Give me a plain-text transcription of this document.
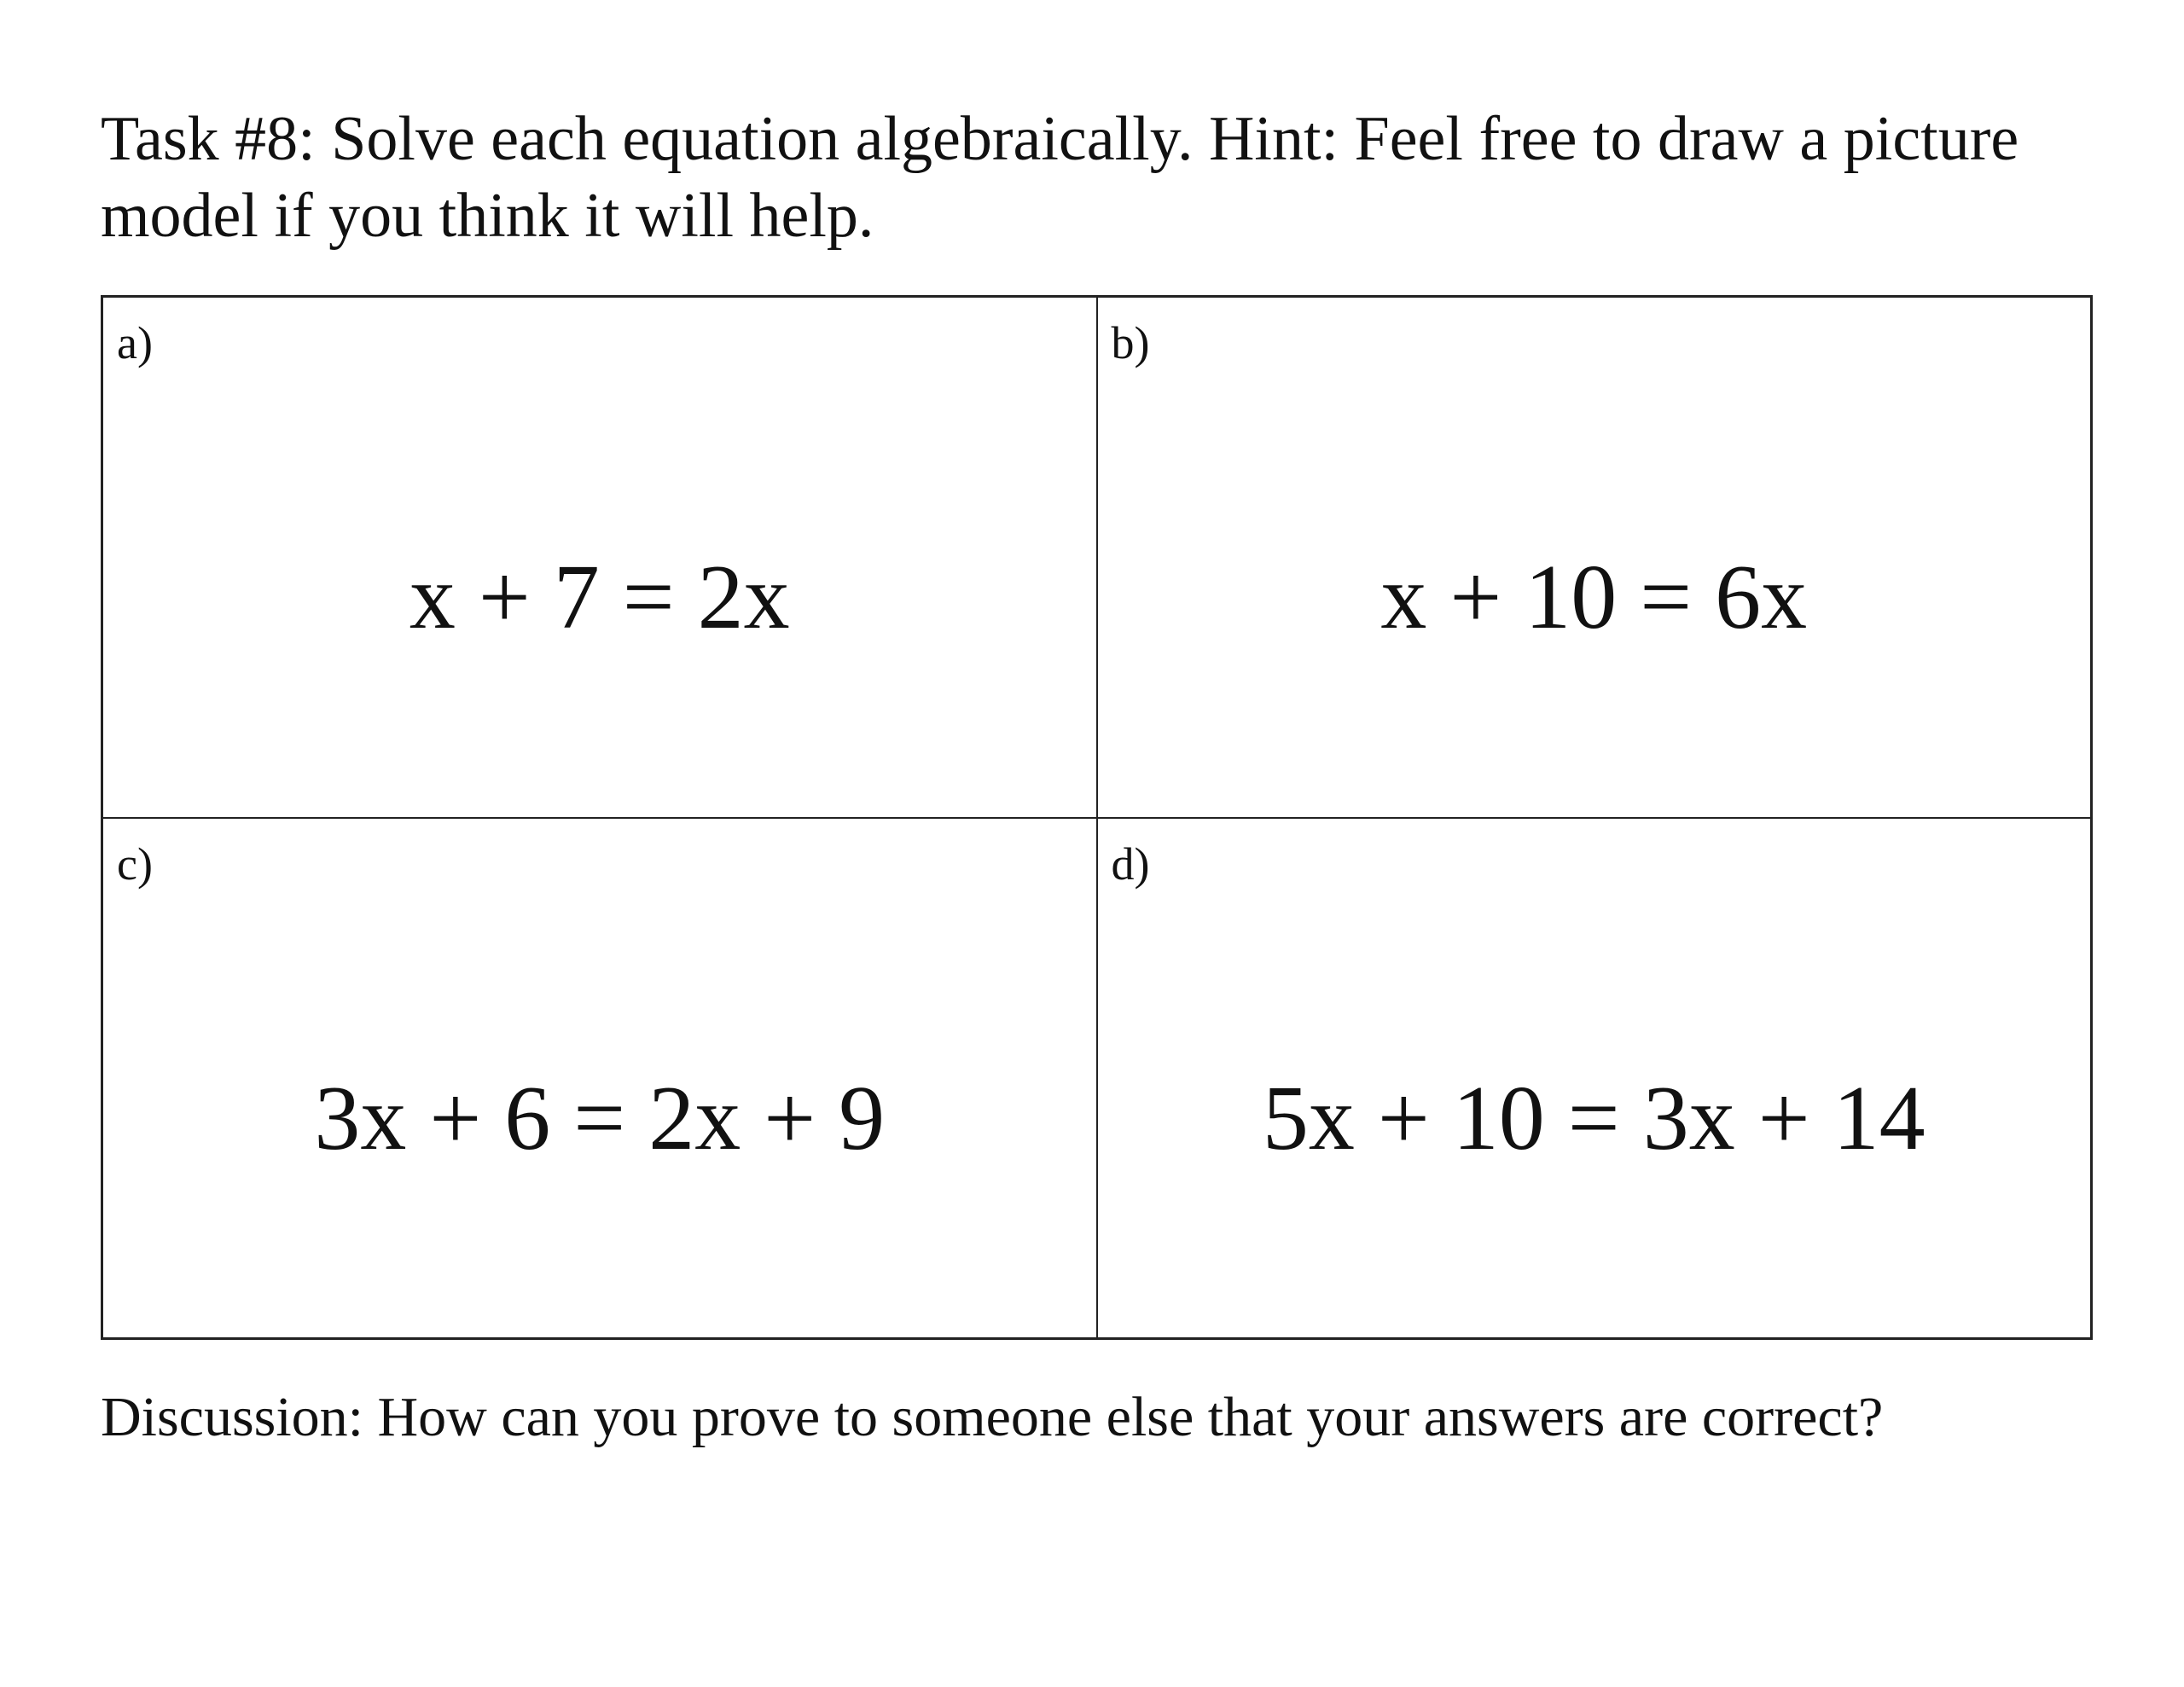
Task #8: Solve each equation algebraically. Hint: Feel free to draw a picture model if you think it will help.
a)
x + 7 = 2x
b)
x + 10 = 6x
c)
3x + 6 = 2x + 9
d)
5x + 10 = 3x + 14
Discussion: How can you prove to someone else that your answers are correct?
